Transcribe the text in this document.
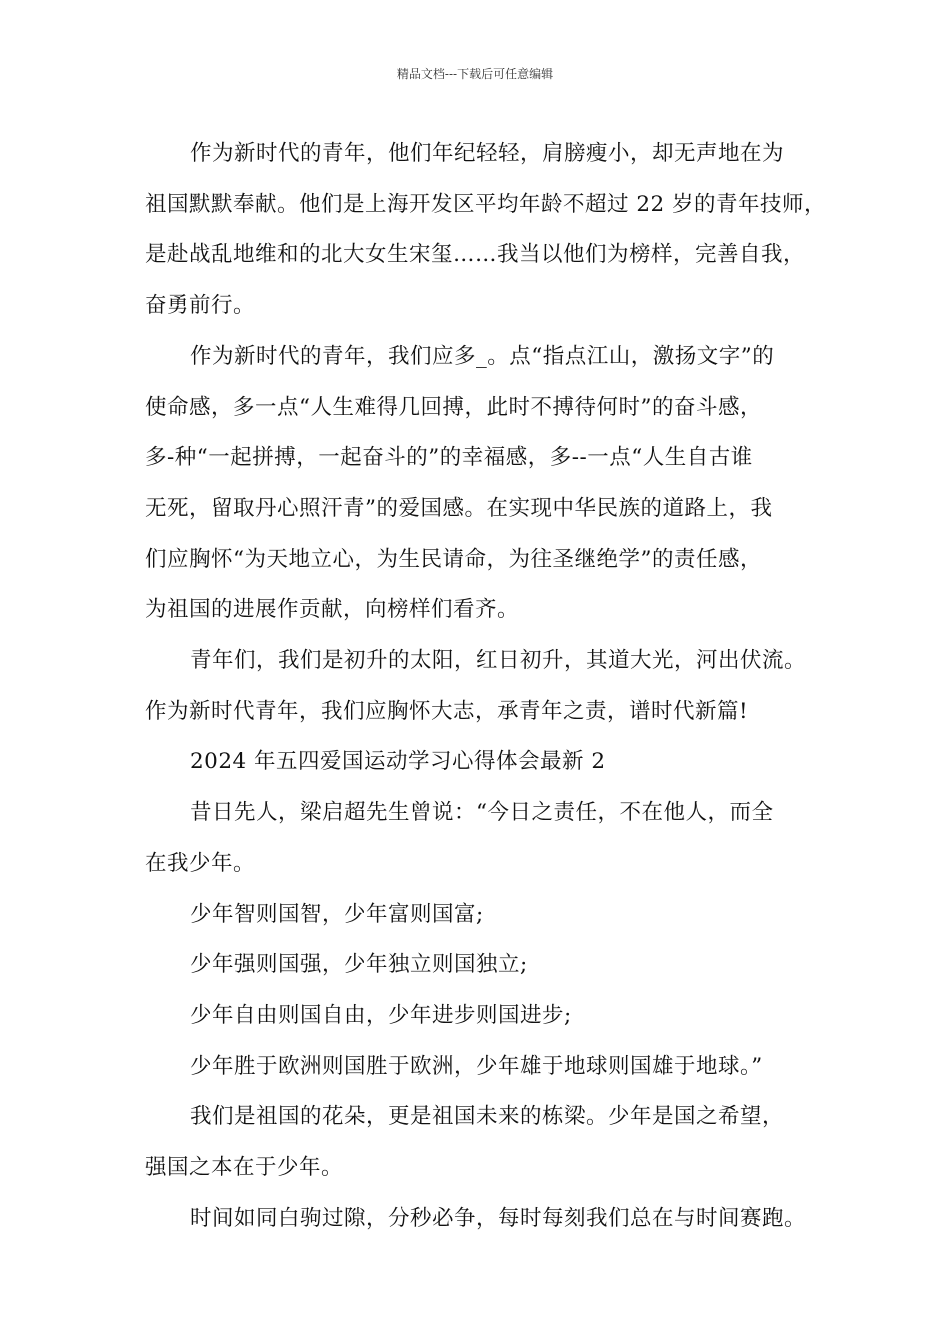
精品文档---下载后可任意编辑

作为新时代的青年，他们年纪轻轻，肩膀瘦小，却无声地在为
祖国默默奉献。他们是上海开发区平均年龄不超过 22 岁的青年技师，
是赴战乱地维和的北大女生宋玺……我当以他们为榜样，完善自我，
奋勇前行。

作为新时代的青年，我们应多_。点“指点江山，激扬文字”的
使命感，多一点“人生难得几回搏，此时不搏待何时”的奋斗感，
多-种“一起拼搏，一起奋斗的”的幸福感，多--一点“人生自古谁
无死，留取丹心照汗青”的爱国感。在实现中华民族的道路上，我
们应胸怀“为天地立心，为生民请命，为往圣继绝学”的责任感，
为祖国的进展作贡献，向榜样们看齐。

青年们，我们是初升的太阳，红日初升，其道大光，河出伏流。
作为新时代青年，我们应胸怀大志，承青年之责，谱时代新篇!

2024 年五四爱国运动学习心得体会最新 2

昔日先人，梁启超先生曾说：“今日之责任，不在他人，而全
在我少年。

少年智则国智，少年富则国富;

少年强则国强，少年独立则国独立;

少年自由则国自由，少年进步则国进步;

少年胜于欧洲则国胜于欧洲，少年雄于地球则国雄于地球。”

我们是祖国的花朵，更是祖国未来的栋梁。少年是国之希望，
强国之本在于少年。

时间如同白驹过隙，分秒必争，每时每刻我们总在与时间赛跑。
